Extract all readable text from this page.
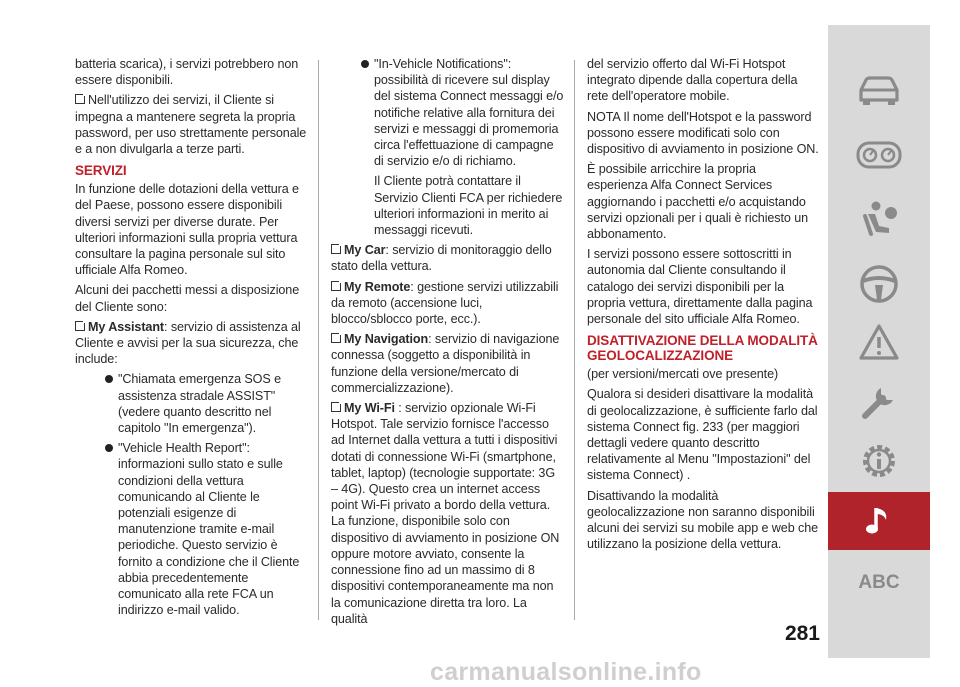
batteria scarica), i servizi potrebbero non essere disponibili.

Nell'utilizzo dei servizi, il Cliente si impegna a mantenere segreta la propria password, per uso strettamente personale e a non divulgarla a terze parti.

SERVIZI

In funzione delle dotazioni della vettura e del Paese, possono essere disponibili diversi servizi per diverse durate. Per ulteriori informazioni sulla propria vettura consultare la pagina personale sul sito ufficiale Alfa Romeo.

Alcuni dei pacchetti messi a disposizione del Cliente sono:

My Assistant: servizio di assistenza al Cliente e avvisi per la sua sicurezza, che include:

"Chiamata emergenza SOS e assistenza stradale ASSIST" (vedere quanto descritto nel capitolo "In emergenza").

"Vehicle Health Report": informazioni sullo stato e sulle condizioni della vettura comunicando al Cliente le potenziali esigenze di manutenzione tramite e-mail periodiche. Questo servizio è fornito a condizione che il Cliente abbia precedentemente comunicato alla rete FCA un indirizzo e-mail valido.

"In-Vehicle Notifications": possibilità di ricevere sul display del sistema Connect messaggi e/o notifiche relative alla fornitura dei servizi e messaggi di promemoria circa l'effettuazione di campagne di servizio e/o di richiamo.

Il Cliente potrà contattare il Servizio Clienti FCA per richiedere ulteriori informazioni in merito ai messaggi ricevuti.

My Car: servizio di monitoraggio dello stato della vettura.

My Remote: gestione servizi utilizzabili da remoto (accensione luci, blocco/sblocco porte, ecc.).

My Navigation: servizio di navigazione connessa (soggetto a disponibilità in funzione della versione/mercato di commercializzazione).

My Wi-Fi : servizio opzionale Wi-Fi Hotspot. Tale servizio fornisce l'accesso ad Internet dalla vettura a tutti i dispositivi dotati di connessione Wi-Fi (smartphone, tablet, laptop) (tecnologie supportate: 3G – 4G). Questo crea un internet access point Wi-Fi privato a bordo della vettura. La funzione, disponibile solo con dispositivo di avviamento in posizione ON oppure motore avviato, consente la connessione fino ad un massimo di 8 dispositivi contemporaneamente ma non la comunicazione diretta tra loro. La qualità

del servizio offerto dal Wi-Fi Hotspot integrato dipende dalla copertura della rete dell'operatore mobile.

NOTA Il nome dell'Hotspot e la password possono essere modificati solo con dispositivo di avviamento in posizione ON.

È possibile arricchire la propria esperienza Alfa Connect Services aggiornando i pacchetti e/o acquistando servizi opzionali per i quali è richiesto un abbonamento.

I servizi possono essere sottoscritti in autonomia dal Cliente consultando il catalogo dei servizi disponibili per la propria vettura, direttamente dalla pagina personale del sito ufficiale Alfa Romeo.

DISATTIVAZIONE DELLA MODALITÀ GEOLOCALIZZAZIONE

(per versioni/mercati ove presente)

Qualora si desideri disattivare la modalità di geolocalizzazione, è sufficiente farlo dal sistema Connect fig. 233 (per maggiori dettagli vedere quanto descritto relativamente al Menu "Impostazioni" del sistema Connect) .

Disattivando la modalità geolocalizzazione non saranno disponibili alcuni dei servizi su mobile app e web che utilizzano la posizione della vettura.

ABC
281
carmanualsonline.info
